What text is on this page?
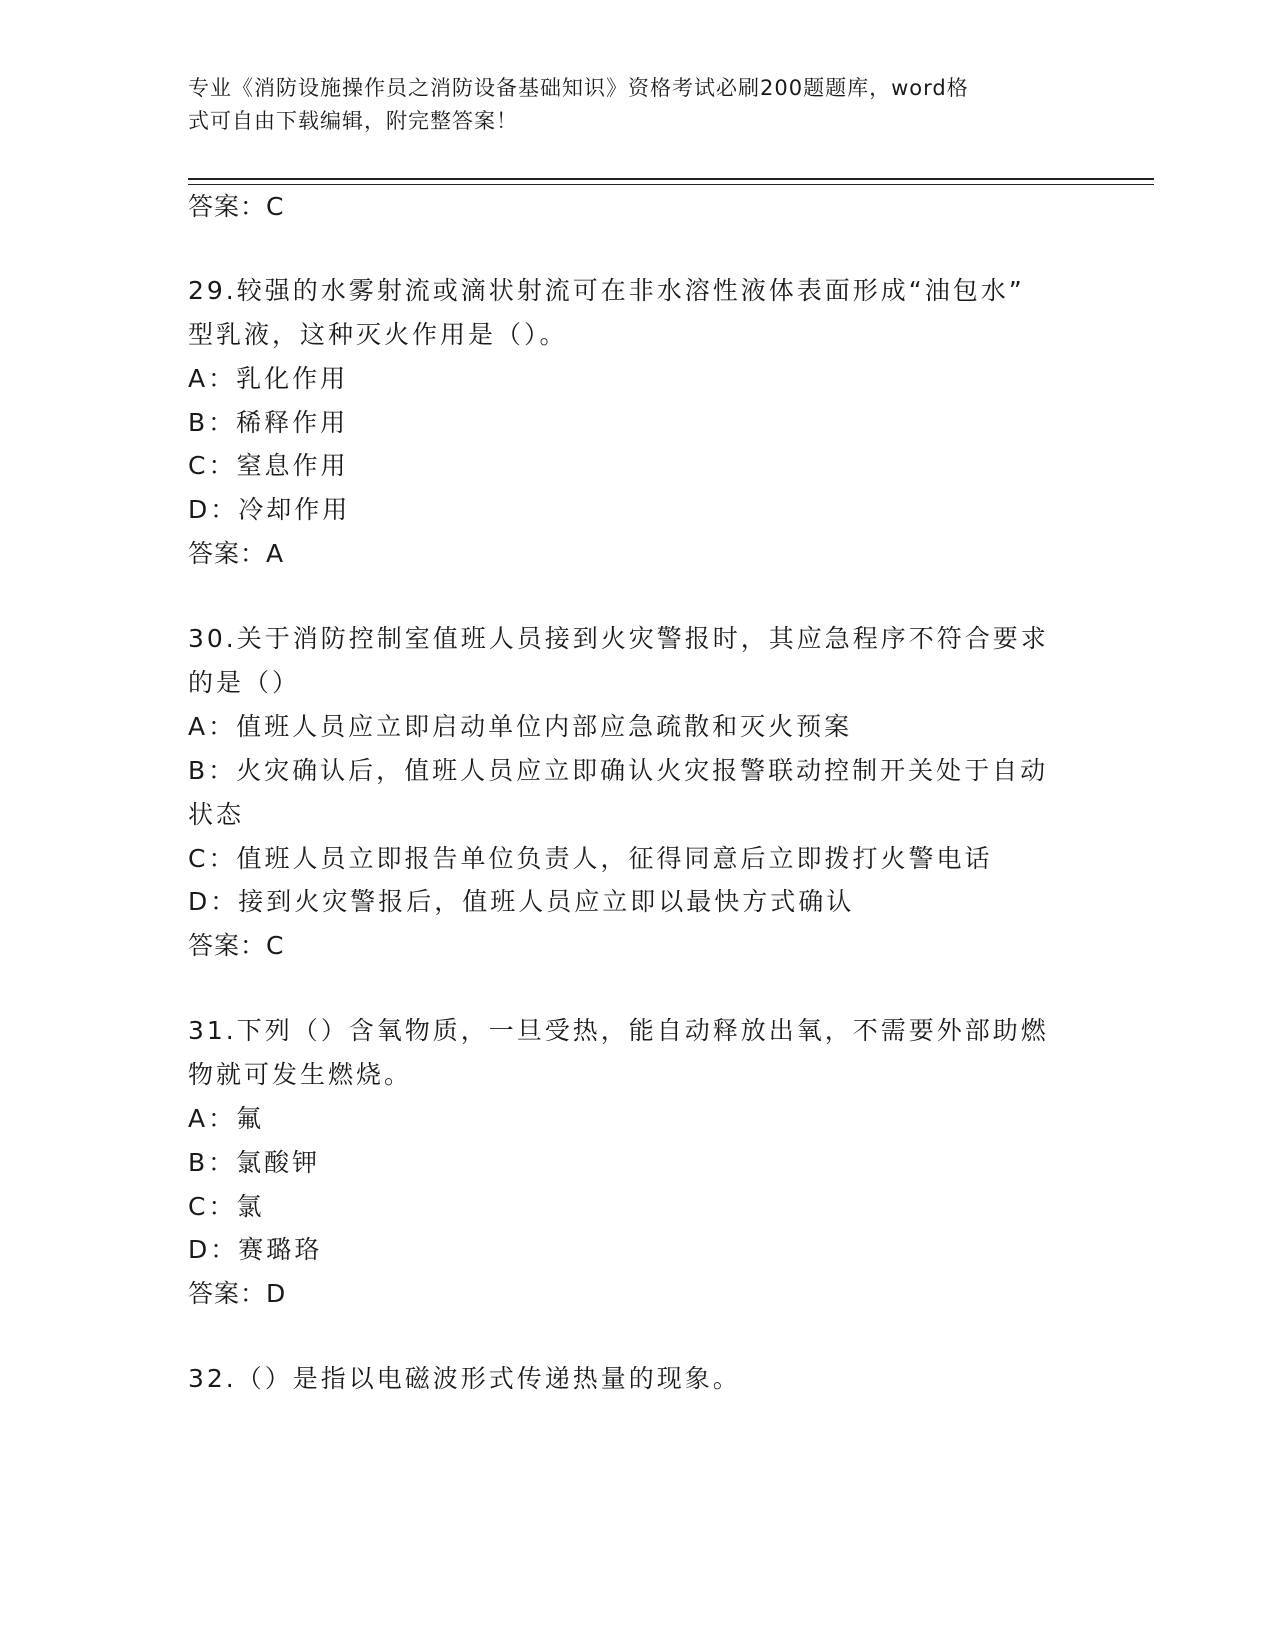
专业《消防设施操作员之消防设备基础知识》资格考试必刷200题题库，word格
式可自由下载编辑，附完整答案！
答案：C
29.较强的水雾射流或滴状射流可在非水溶性液体表面形成“油包水”
型乳液，这种灭火作用是（）。
A：乳化作用
B：稀释作用
C：窒息作用
D：冷却作用
答案：A
30.关于消防控制室值班人员接到火灾警报时，其应急程序不符合要求
的是（）
A：值班人员应立即启动单位内部应急疏散和灭火预案
B：火灾确认后，值班人员应立即确认火灾报警联动控制开关处于自动
状态
C：值班人员立即报告单位负责人，征得同意后立即拨打火警电话
D：接到火灾警报后，值班人员应立即以最快方式确认
答案：C
31.下列（）含氧物质，一旦受热，能自动释放出氧，不需要外部助燃
物就可发生燃烧。
A：氟
B：氯酸钾
C：氯
D：赛璐珞
答案：D
32.（）是指以电磁波形式传递热量的现象。
